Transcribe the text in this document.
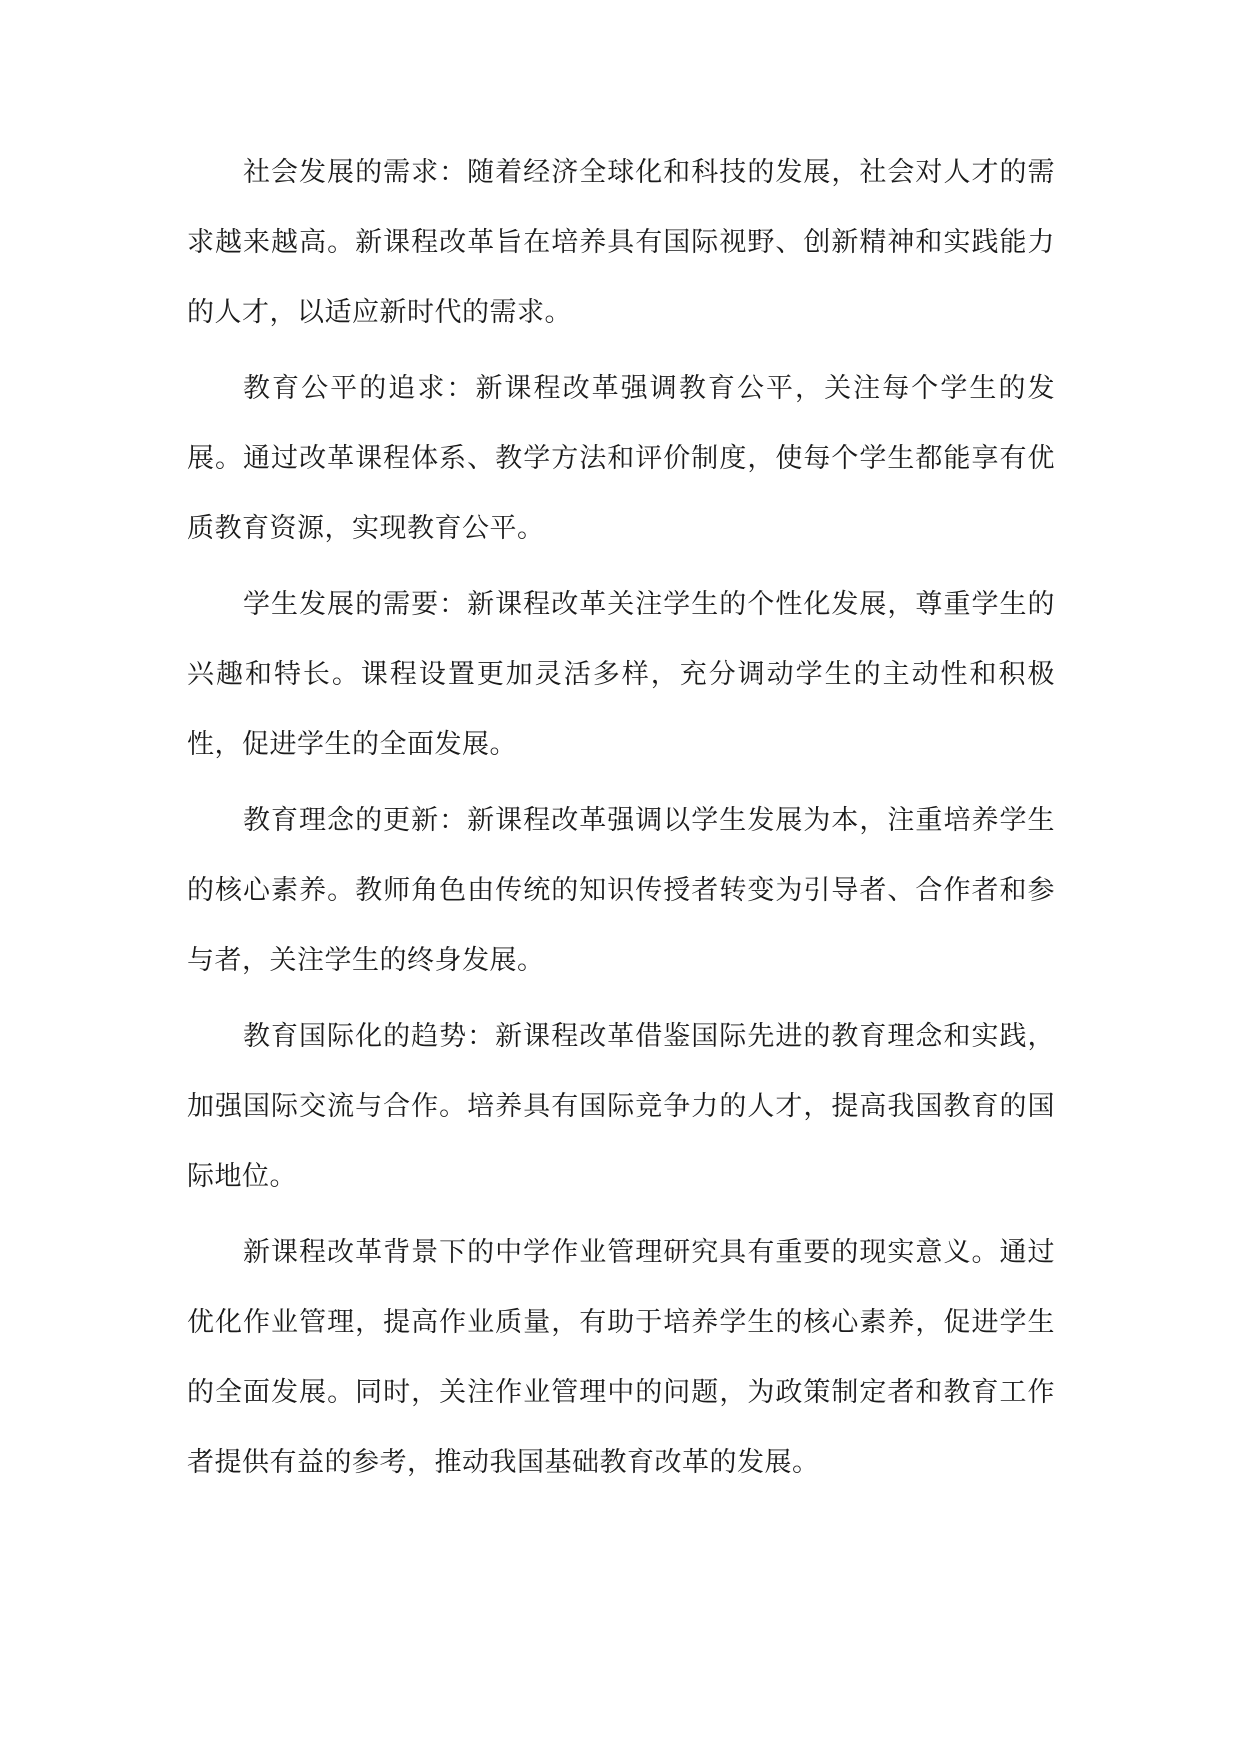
社会发展的需求：随着经济全球化和科技的发展，社会对人才的需求越来越高。新课程改革旨在培养具有国际视野、创新精神和实践能力的人才，以适应新时代的需求。

教育公平的追求：新课程改革强调教育公平，关注每个学生的发展。通过改革课程体系、教学方法和评价制度，使每个学生都能享有优质教育资源，实现教育公平。

学生发展的需要：新课程改革关注学生的个性化发展，尊重学生的兴趣和特长。课程设置更加灵活多样，充分调动学生的主动性和积极性，促进学生的全面发展。

教育理念的更新：新课程改革强调以学生发展为本，注重培养学生的核心素养。教师角色由传统的知识传授者转变为引导者、合作者和参与者，关注学生的终身发展。

教育国际化的趋势：新课程改革借鉴国际先进的教育理念和实践，加强国际交流与合作。培养具有国际竞争力的人才，提高我国教育的国际地位。

新课程改革背景下的中学作业管理研究具有重要的现实意义。通过优化作业管理，提高作业质量，有助于培养学生的核心素养，促进学生的全面发展。同时，关注作业管理中的问题，为政策制定者和教育工作者提供有益的参考，推动我国基础教育改革的发展。
